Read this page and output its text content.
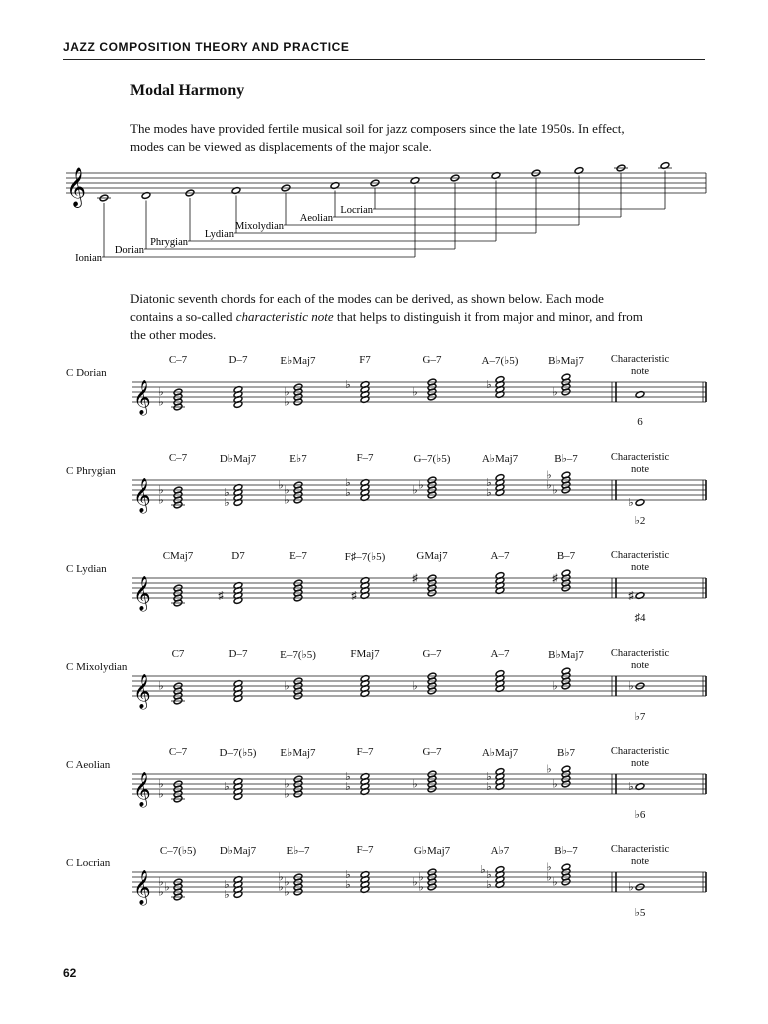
JAZZ COMPOSITION THEORY AND PRACTICE
Modal Harmony
The modes have provided fertile musical soil for jazz composers since the late 1950s. In effect, modes can be viewed as displacements of the major scale.
Diatonic seventh chords for each of the modes can be derived, as shown below. Each mode contains a so-called characteristic note that helps to distinguish it from major and minor, and from the other modes.
𝄞
Ionian
Dorian
Phrygian
Lydian
Mixolydian
Aeolian
Locrian
𝄞 ♭
♭
♭
♭
♭
♭
♭
♭
𝄞 ♭
♭
♭
♭
♭
♭
♭
♭
♭
♭ ♭
♭
♭
♭
♭
♭
♭
𝄞	♯	♯
♯	♯
♯
𝄞 ♭	♭	♭	♭	♭
𝄞 ♭
♭	♭
♭
♭	♭
♭
♭	♭
♭
♭
♭
♭
𝄞 ♭ ♭
♭
♭
♭
♭
♭ ♭
♭
♭
♭
♭
♭ ♭
♭
♭
♭
♭
♭
♭
♭
C Dorian
C–7	D–7	E♭Maj7	F7	G–7	A–7(♭5)	B♭Maj7	Characteristic
note
6
C Phrygian
C–7	D♭Maj7	E♭7	F–7	G–7(♭5)	A♭Maj7	B♭–7	Characteristic
note
♭2
C Lydian
CMaj7	D7	E–7	F♯–7(♭5)	GMaj7	A–7	B–7	Characteristic
note
♯4
C Mixolydian
C7	D–7	E–7(♭5)	FMaj7	G–7	A–7	B♭Maj7	Characteristic
note
♭7
C Aeolian
C–7	D–7(♭5)	E♭Maj7	F–7	G–7	A♭Maj7	B♭7	Characteristic
note
♭6
C Locrian
C–7(♭5)	D♭Maj7	E♭–7	F–7	G♭Maj7	A♭7	B♭–7	Characteristic
note
♭5
62
